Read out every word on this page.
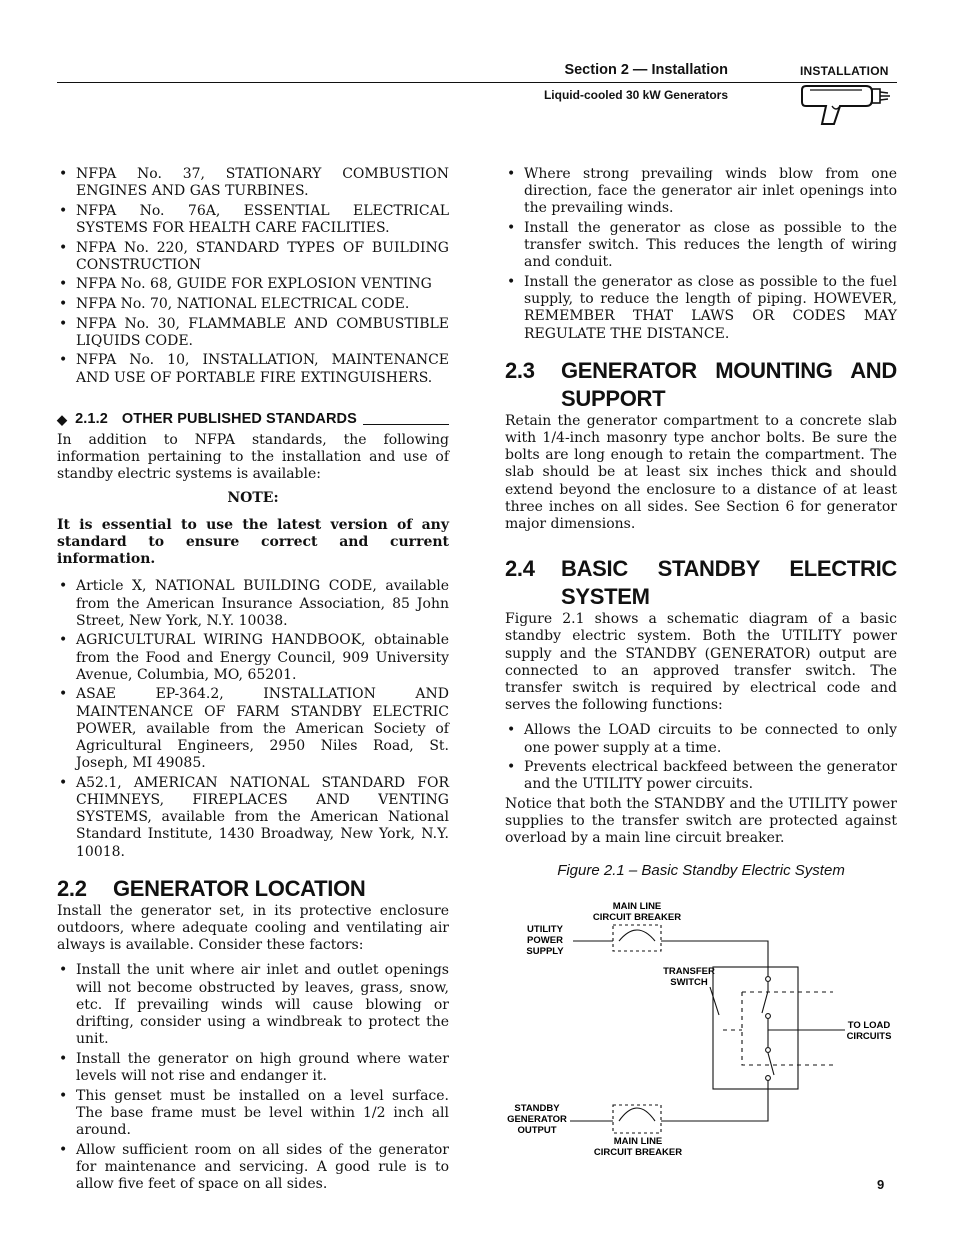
Section 2 — Installation
Liquid-cooled 30 kW Generators
INSTALLATION
• NFPA No. 37, STATIONARY COMBUSTION ENGINES AND GAS TURBINES.
• NFPA No. 76A, ESSENTIAL ELECTRICAL SYSTEMS FOR HEALTH CARE FACILITIES.
• NFPA No. 220, STANDARD TYPES OF BUILDING CONSTRUCTION
• NFPA No. 68, GUIDE FOR EXPLOSION VENTING
• NFPA No. 70, NATIONAL ELECTRICAL CODE.
• NFPA No. 30, FLAMMABLE AND COMBUSTIBLE LIQUIDS CODE.
• NFPA No. 10, INSTALLATION, MAINTENANCE AND USE OF PORTABLE FIRE EXTINGUISHERS.
◆ 2.1.2 OTHER PUBLISHED STANDARDS

In addition to NFPA standards, the following information pertaining to the installation and use of standby electric systems is available:

NOTE:

It is essential to use the latest version of any standard to ensure correct and current information.

• Article X, NATIONAL BUILDING CODE, available from the American Insurance Association, 85 John Street, New York, N.Y. 10038.
• AGRICULTURAL WIRING HANDBOOK, obtainable from the Food and Energy Council, 909 University Avenue, Columbia, MO, 65201.
• ASAE EP-364.2, INSTALLATION AND MAINTENANCE OF FARM STANDBY ELECTRIC POWER, available from the American Society of Agricultural Engineers, 2950 Niles Road, St. Joseph, MI 49085.
• A52.1, AMERICAN NATIONAL STANDARD FOR CHIMNEYS, FIREPLACES AND VENTING SYSTEMS, available from the American National Standard Institute, 1430 Broadway, New York, N.Y. 10018.
2.2	GENERATOR LOCATION

Install the generator set, in its protective enclosure outdoors, where adequate cooling and ventilating air always is available. Consider these factors:

• Install the unit where air inlet and outlet openings will not become obstructed by leaves, grass, snow, etc. If prevailing winds will cause blowing or drifting, consider using a windbreak to protect the unit.
• Install the generator on high ground where water levels will not rise and endanger it.
• This genset must be installed on a level surface. The base frame must be level within 1/2 inch all around.
• Allow sufficient room on all sides of the generator for maintenance and servicing. A good rule is to allow five feet of space on all sides.
• Where strong prevailing winds blow from one direction, face the generator air inlet openings into the prevailing winds.
• Install the generator as close as possible to the transfer switch. This reduces the length of wiring and conduit.
• Install the generator as close as possible to the fuel supply, to reduce the length of piping. HOWEVER, REMEMBER THAT LAWS OR CODES MAY REGULATE THE DISTANCE.
2.3	GENERATOR MOUNTING AND SUPPORT

Retain the generator compartment to a concrete slab with 1/4-inch masonry type anchor bolts. Be sure the bolts are long enough to retain the compartment. The slab should be at least six inches thick and should extend beyond the enclosure to a distance of at least three inches on all sides. See Section 6 for generator major dimensions.

2.4	BASIC STANDBY ELECTRIC SYSTEM

Figure 2.1 shows a schematic diagram of a basic standby electric system. Both the UTILITY power supply and the STANDBY (GENERATOR) output are connected to an approved transfer switch. The transfer switch is required by electrical code and serves the following functions:

• Allows the LOAD circuits to be connected to only one power supply at a time.
• Prevents electrical backfeed between the generator and the UTILITY power circuits.

Notice that both the STANDBY and the UTILITY power supplies to the transfer switch are protected against overload by a main line circuit breaker.

Figure 2.1 – Basic Standby Electric System

MAIN LINE
CIRCUIT BREAKER
UTILITY
POWER
SUPPLY
TRANSFER
SWITCH
TO LOAD
CIRCUITS
STANDBY
GENERATOR
OUTPUT
MAIN LINE
CIRCUIT BREAKER
9
